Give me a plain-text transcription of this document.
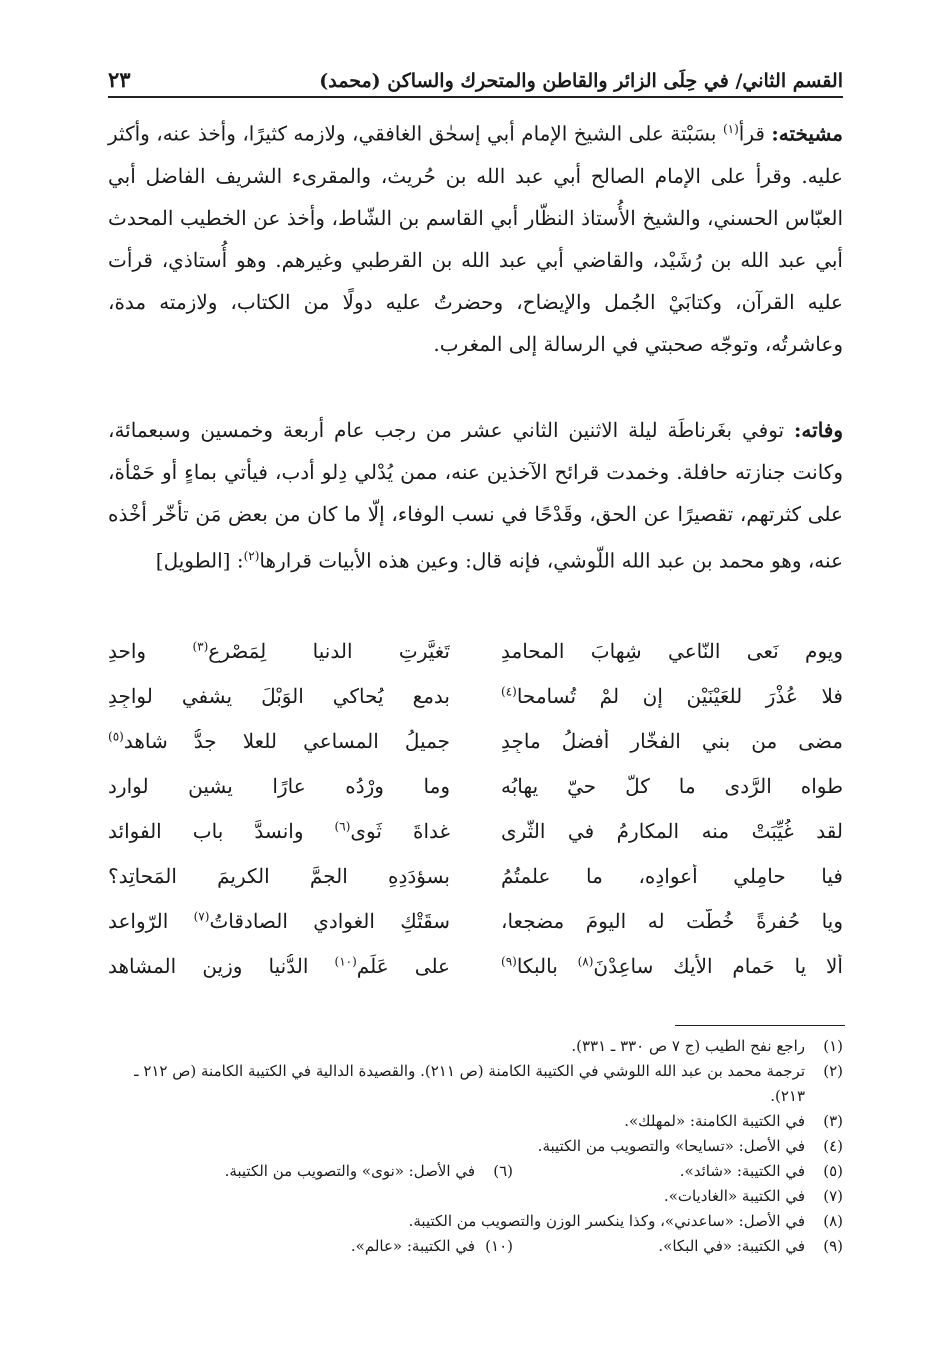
القسم الثاني/ في حِلَى الزائر والقاطن والمتحرك والساكن (محمد)
٢٣

مشيخته: قرأ$^{(١)}$ بسَبْتة على الشيخ الإمام أبي إسحٰق الغافقي، ولازمه كثيرًا، وأخذ عنه، وأكثر عليه. وقرأ على الإمام الصالح أبي عبد الله بن حُريث، والمقرىء الشريف الفاضل أبي العبّاس الحسني، والشيخ الأُستاذ النظّار أبي القاسم بن الشّاط، وأخذ عن الخطيب المحدث أبي عبد الله بن رُشَيْد، والقاضي أبي عبد الله بن القرطبي وغيرهم. وهو أُستاذي، قرأت عليه القرآن، وكتابَيْ الجُمل والإيضاح، وحضرتُ عليه دولًا من الكتاب، ولازمته مدة، وعاشرتُه، وتوجّه صحبتي في الرسالة إلى المغرب.

وفاته: توفي بغَرناطَة ليلة الاثنين الثاني عشر من رجب عام أربعة وخمسين وسبعمائة، وكانت جنازته حافلة. وخمدت قرائح الآخذين عنه، ممن يُدْلي دِلو أدب، فيأتي بماءٍ أو حَمْأة، على كثرتهم، تقصيرًا عن الحق، وقَدْحًا في نسب الوفاء، إلّا ما كان من بعض مَن تأخّر أخْذه عنه، وهو محمد بن عبد الله اللّوشي، فإنه قال: وعين هذه الأبيات قرارها$^{(٢)}$: [الطويل]

ويوم نَعى النّاعي شِهابَ المحامدِ
تَغيَّرتِ الدنيا لِمَصْرعِ$^{(٣)}$ واحدِ
فلا عُذْرَ للعَيْنَيْن إن لمْ تُسامحا$^{(٤)}$
بدمعٍ يُحاكي الوَبْلَ يشفي لواجِدِ
مضى من بني الفخّار أفضلُ ماجِدِ
جميلُ المساعي للعلا جدُّ شاهد$^{(٥)}$
طواه الرَّدى ما كلّ حيّ يهابُه
وما وِرْدُه عارًا يشين لوارد
لقد غُيِّبَتْ منه المكارمُ في الثَّرى
غداةَ ثَوى$^{(٦)}$ وانسدَّ باب الفوائد
فيا حامِلي أعوادِه، ما علمتُمُ
بسؤدَدِهِ الجمَّ الكريمَ المَحاتِد؟
ويا حُفرةً خُطّت له اليومَ مضجعا،
سقَتْكِ الغوادي الصادقاتُ$^{(٧)}$ الرّواعد
ألا يا حَمام الأيك ساعِدْنَ$^{(٨)}$ بالبكا$^{(٩)}$
على عَلَمٍ$^{(١٠)}$ الدُّنيا وزينِ المشاهد
(١)
راجع نفح الطيب (ج ٧ ص ٣٣٠ ـ ٣٣١).
(٢)
ترجمة محمد بن عبد الله اللوشي في الكتيبة الكامنة (ص ٢١١). والقصيدة الدالية في الكتيبة الكامنة (ص ٢١٢ ـ ٢١٣).
(٣)
في الكتيبة الكامنة: «لمهلك».
(٤)
في الأصل: «تسايحا» والتصويب من الكتيبة.
(٥)
في الكتيبة: «شائد».
(٦)
في الأصل: «نوى» والتصويب من الكتيبة.
(٧)
في الكتيبة «الغاديات».
(٨)
في الأصل: «ساعدني»، وكذا ينكسر الوزن والتصويب من الكتيبة.
(٩)
في الكتيبة: «في البكا».
(١٠)
في الكتيبة: «عالم».
